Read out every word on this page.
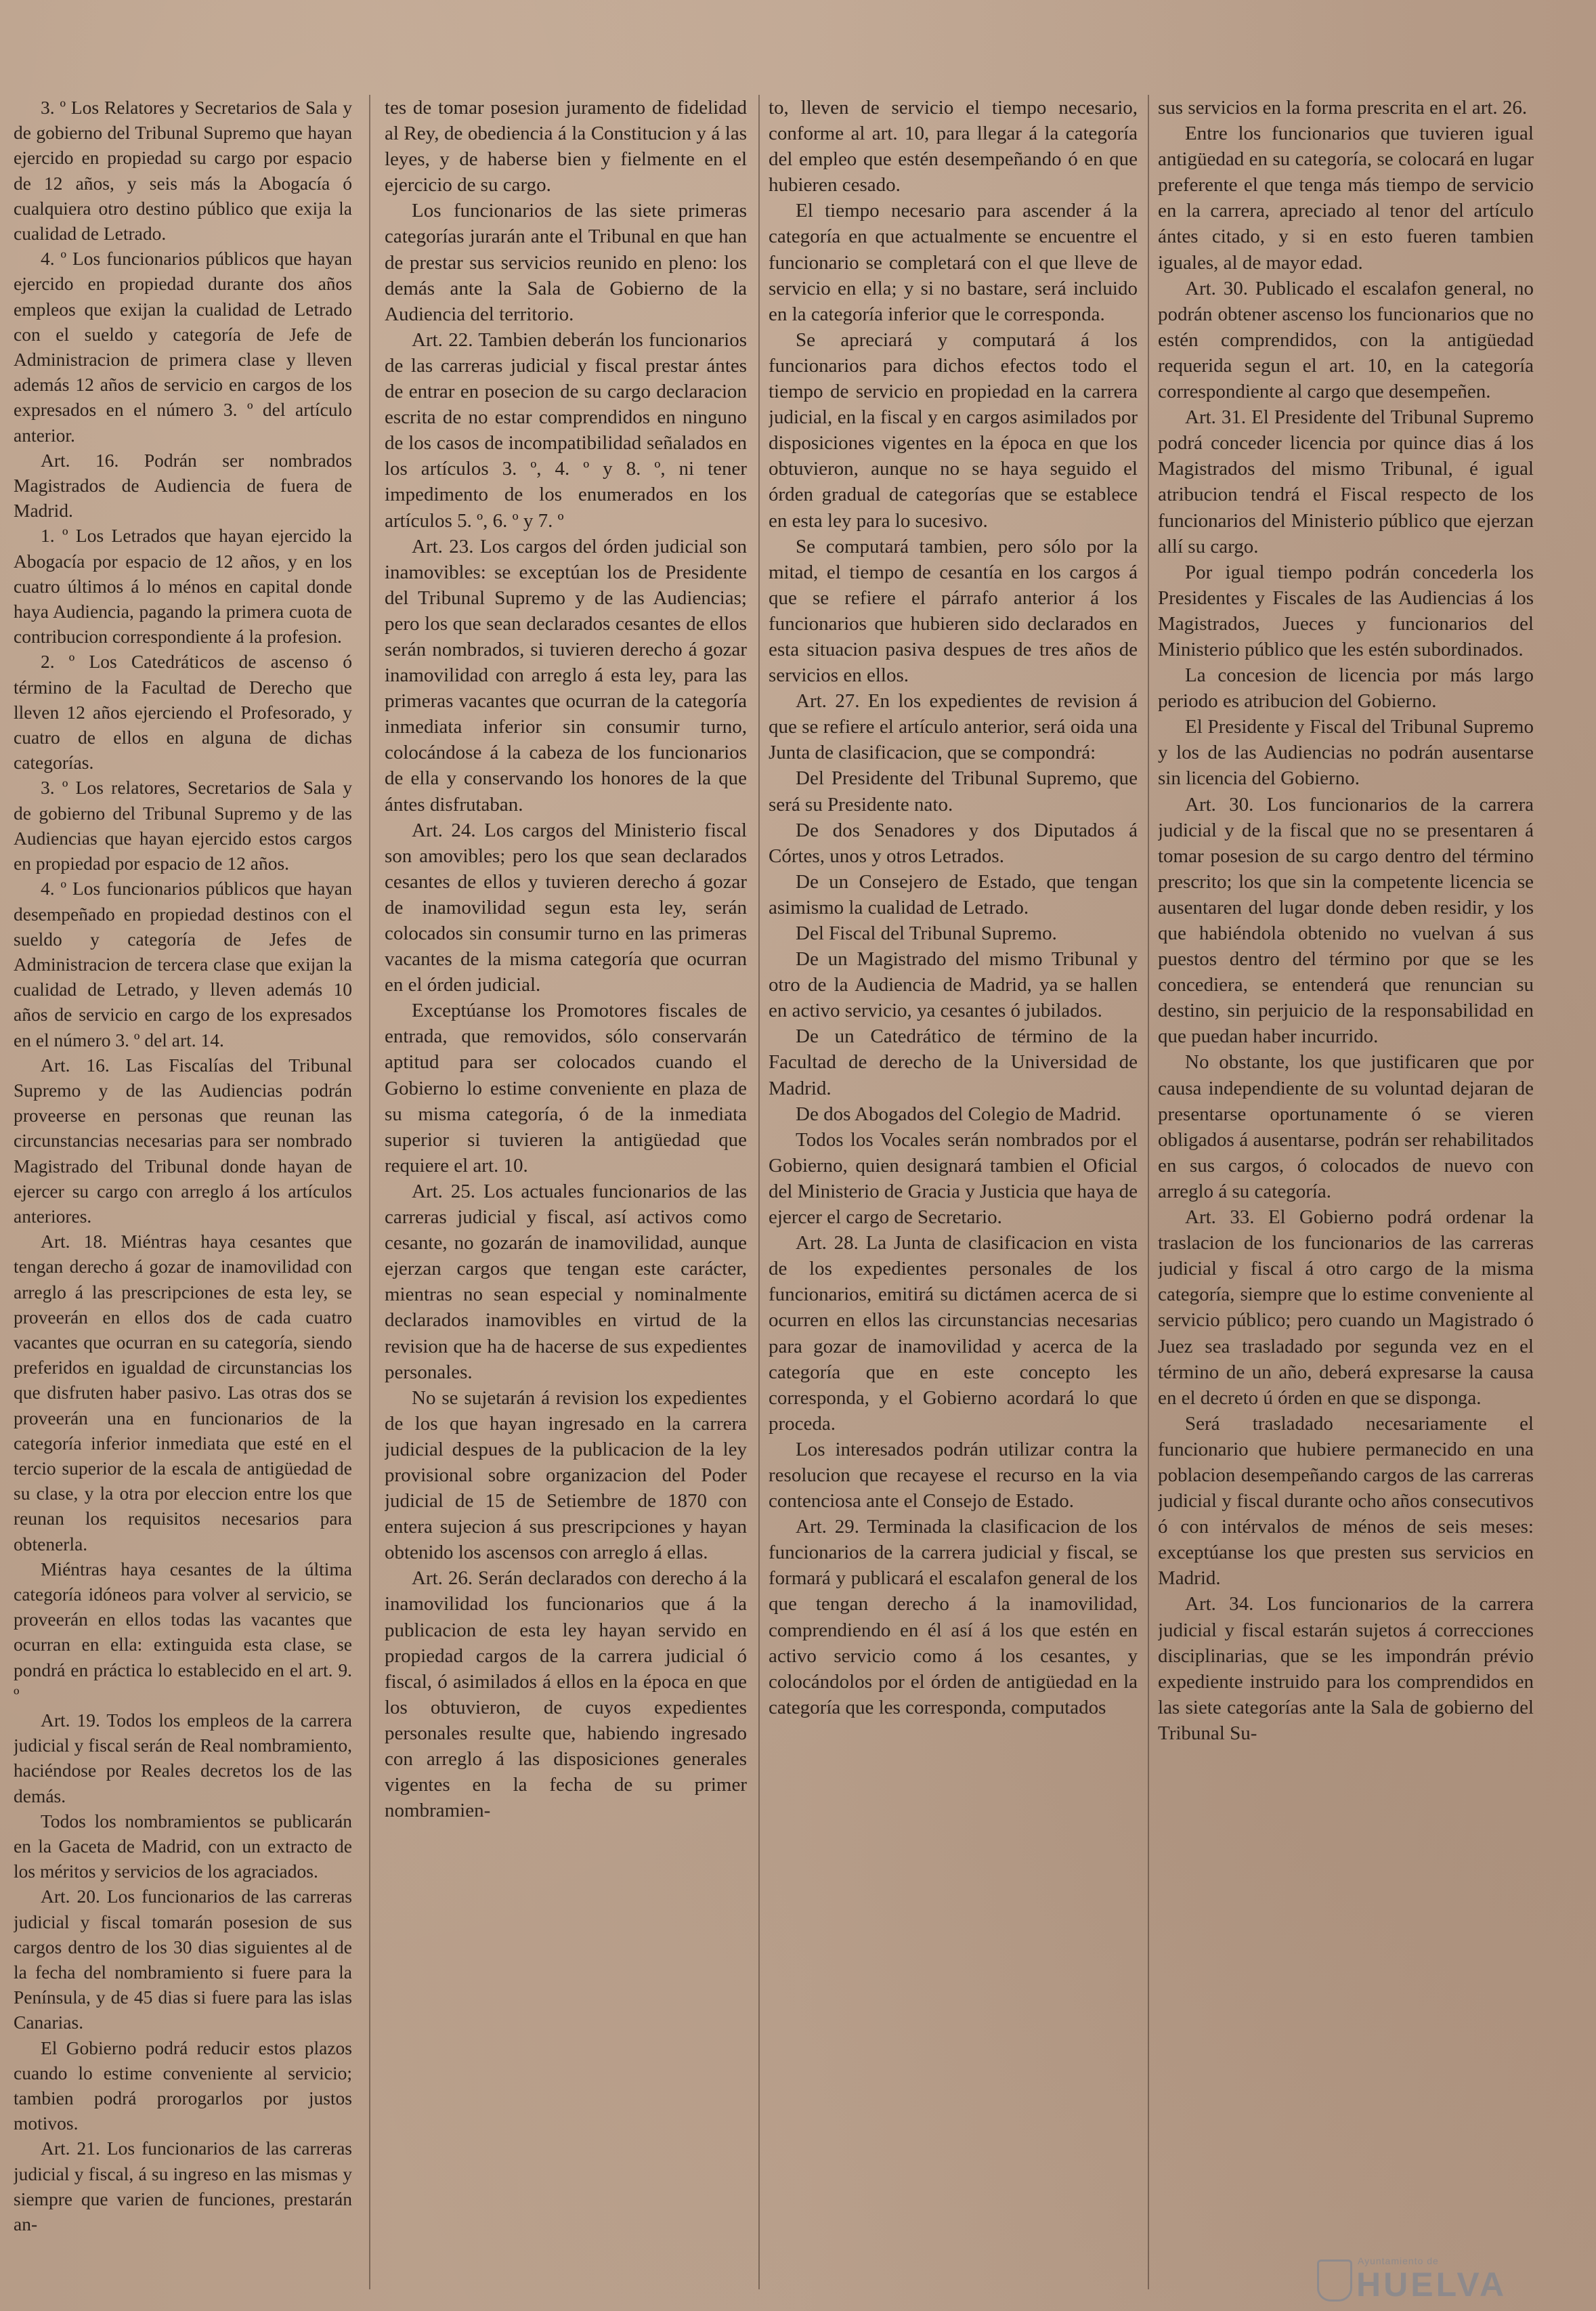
3. º Los Relatores y Secretarios de Sala y de gobierno del Tribunal Supremo que hayan ejercido en propiedad su cargo por espacio de 12 años, y seis más la Abogacía ó cualquiera otro destino público que exija la cualidad de Letrado.

4. º Los funcionarios públicos que hayan ejercido en propiedad durante dos años empleos que exijan la cualidad de Letrado con el sueldo y categoría de Jefe de Administracion de primera clase y lleven además 12 años de servicio en cargos de los expresados en el número 3. º del artículo anterior.

Art. 16. Podrán ser nombrados Magistrados de Audiencia de fuera de Madrid.

1. º Los Letrados que hayan ejercido la Abogacía por espacio de 12 años, y en los cuatro últimos á lo ménos en capital donde haya Audiencia, pagando la primera cuota de contribucion correspondiente á la profesion.

2. º Los Catedráticos de ascenso ó término de la Facultad de Derecho que lleven 12 años ejerciendo el Profesorado, y cuatro de ellos en alguna de dichas categorías.

3. º Los relatores, Secretarios de Sala y de gobierno del Tribunal Supremo y de las Audiencias que hayan ejercido estos cargos en propiedad por espacio de 12 años.

4. º Los funcionarios públicos que hayan desempeñado en propiedad destinos con el sueldo y categoría de Jefes de Administracion de tercera clase que exijan la cualidad de Letrado, y lleven además 10 años de servicio en cargo de los expresados en el número 3. º del art. 14.

Art. 16. Las Fiscalías del Tribunal Supremo y de las Audiencias podrán proveerse en personas que reunan las circunstancias necesarias para ser nombrado Magistrado del Tribunal donde hayan de ejercer su cargo con arreglo á los artículos anteriores.

Art. 18. Miéntras haya cesantes que tengan derecho á gozar de inamovilidad con arreglo á las prescripciones de esta ley, se proveerán en ellos dos de cada cuatro vacantes que ocurran en su categoría, siendo preferidos en igualdad de circunstancias los que disfruten haber pasivo. Las otras dos se proveerán una en funcionarios de la categoría inferior inmediata que esté en el tercio superior de la escala de antigüedad de su clase, y la otra por eleccion entre los que reunan los requisitos necesarios para obtenerla.

Miéntras haya cesantes de la última categoría idóneos para volver al servicio, se proveerán en ellos todas las vacantes que ocurran en ella: extinguida esta clase, se pondrá en práctica lo establecido en el art. 9. º

Art. 19. Todos los empleos de la carrera judicial y fiscal serán de Real nombramiento, haciéndose por Reales decretos los de las demás.

Todos los nombramientos se publicarán en la Gaceta de Madrid, con un extracto de los méritos y servicios de los agraciados.

Art. 20. Los funcionarios de las carreras judicial y fiscal tomarán posesion de sus cargos dentro de los 30 dias siguientes al de la fecha del nombramiento si fuere para la Península, y de 45 dias si fuere para las islas Canarias.

El Gobierno podrá reducir estos plazos cuando lo estime conveniente al servicio; tambien podrá prorogarlos por justos motivos.

Art. 21. Los funcionarios de las carreras judicial y fiscal, á su ingreso en las mismas y siempre que varien de funciones, prestarán an-

tes de tomar posesion juramento de fidelidad al Rey, de obediencia á la Constitucion y á las leyes, y de haberse bien y fielmente en el ejercicio de su cargo.

Los funcionarios de las siete primeras categorías jurarán ante el Tribunal en que han de prestar sus servicios reunido en pleno: los demás ante la Sala de Gobierno de la Audiencia del territorio.

Art. 22. Tambien deberán los funcionarios de las carreras judicial y fiscal prestar ántes de entrar en posecion de su cargo declaracion escrita de no estar comprendidos en ninguno de los casos de incompatibilidad señalados en los artículos 3. º, 4. º y 8. º, ni tener impedimento de los enumerados en los artículos 5. º, 6. º y 7. º

Art. 23. Los cargos del órden judicial son inamovibles: se exceptúan los de Presidente del Tribunal Supremo y de las Audiencias; pero los que sean declarados cesantes de ellos serán nombrados, si tuvieren derecho á gozar inamovilidad con arreglo á esta ley, para las primeras vacantes que ocurran de la categoría inmediata inferior sin consumir turno, colocándose á la cabeza de los funcionarios de ella y conservando los honores de la que ántes disfrutaban.

Art. 24. Los cargos del Ministerio fiscal son amovibles; pero los que sean declarados cesantes de ellos y tuvieren derecho á gozar de inamovilidad segun esta ley, serán colocados sin consumir turno en las primeras vacantes de la misma categoría que ocurran en el órden judicial.

Exceptúanse los Promotores fiscales de entrada, que removidos, sólo conservarán aptitud para ser colocados cuando el Gobierno lo estime conveniente en plaza de su misma categoría, ó de la inmediata superior si tuvieren la antigüedad que requiere el art. 10.

Art. 25. Los actuales funcionarios de las carreras judicial y fiscal, así activos como cesante, no gozarán de inamovilidad, aunque ejerzan cargos que tengan este carácter, mientras no sean especial y nominalmente declarados inamovibles en virtud de la revision que ha de hacerse de sus expedientes personales.

No se sujetarán á revision los expedientes de los que hayan ingresado en la carrera judicial despues de la publicacion de la ley provisional sobre organizacion del Poder judicial de 15 de Setiembre de 1870 con entera sujecion á sus prescripciones y hayan obtenido los ascensos con arreglo á ellas.

Art. 26. Serán declarados con derecho á la inamovilidad los funcionarios que á la publicacion de esta ley hayan servido en propiedad cargos de la carrera judicial ó fiscal, ó asimilados á ellos en la época en que los obtuvieron, de cuyos expedientes personales resulte que, habiendo ingresado con arreglo á las disposiciones generales vigentes en la fecha de su primer nombramien-

to, lleven de servicio el tiempo necesario, conforme al art. 10, para llegar á la categoría del empleo que estén desempeñando ó en que hubieren cesado.

El tiempo necesario para ascender á la categoría en que actualmente se encuentre el funcionario se completará con el que lleve de servicio en ella; y si no bastare, será incluido en la categoría inferior que le corresponda.

Se apreciará y computará á los funcionarios para dichos efectos todo el tiempo de servicio en propiedad en la carrera judicial, en la fiscal y en cargos asimilados por disposiciones vigentes en la época en que los obtuvieron, aunque no se haya seguido el órden gradual de categorías que se establece en esta ley para lo sucesivo.

Se computará tambien, pero sólo por la mitad, el tiempo de cesantía en los cargos á que se refiere el párrafo anterior á los funcionarios que hubieren sido declarados en esta situacion pasiva despues de tres años de servicios en ellos.

Art. 27. En los expedientes de revision á que se refiere el artículo anterior, será oida una Junta de clasificacion, que se compondrá:

Del Presidente del Tribunal Supremo, que será su Presidente nato.

De dos Senadores y dos Diputados á Córtes, unos y otros Letrados.

De un Consejero de Estado, que tengan asimismo la cualidad de Letrado.

Del Fiscal del Tribunal Supremo.

De un Magistrado del mismo Tribunal y otro de la Audiencia de Madrid, ya se hallen en activo servicio, ya cesantes ó jubilados.

De un Catedrático de término de la Facultad de derecho de la Universidad de Madrid.

De dos Abogados del Colegio de Madrid.

Todos los Vocales serán nombrados por el Gobierno, quien designará tambien el Oficial del Ministerio de Gracia y Justicia que haya de ejercer el cargo de Secretario.

Art. 28. La Junta de clasificacion en vista de los expedientes personales de los funcionarios, emitirá su dictámen acerca de si ocurren en ellos las circunstancias necesarias para gozar de inamovilidad y acerca de la categoría que en este concepto les corresponda, y el Gobierno acordará lo que proceda.

Los interesados podrán utilizar contra la resolucion que recayese el recurso en la via contenciosa ante el Consejo de Estado.

Art. 29. Terminada la clasificacion de los funcionarios de la carrera judicial y fiscal, se formará y publicará el escalafon general de los que tengan derecho á la inamovilidad, comprendiendo en él así á los que estén en activo servicio como á los cesantes, y colocándolos por el órden de antigüedad en la categoría que les corresponda, computados

sus servicios en la forma prescrita en el art. 26.

Entre los funcionarios que tuvieren igual antigüedad en su categoría, se colocará en lugar preferente el que tenga más tiempo de servicio en la carrera, apreciado al tenor del artículo ántes citado, y si en esto fueren tambien iguales, al de mayor edad.

Art. 30. Publicado el escalafon general, no podrán obtener ascenso los funcionarios que no estén comprendidos, con la antigüedad requerida segun el art. 10, en la categoría correspondiente al cargo que desempeñen.

Art. 31. El Presidente del Tribunal Supremo podrá conceder licencia por quince dias á los Magistrados del mismo Tribunal, é igual atribucion tendrá el Fiscal respecto de los funcionarios del Ministerio público que ejerzan allí su cargo.

Por igual tiempo podrán concederla los Presidentes y Fiscales de las Audiencias á los Magistrados, Jueces y funcionarios del Ministerio público que les estén subordinados.

La concesion de licencia por más largo periodo es atribucion del Gobierno.

El Presidente y Fiscal del Tribunal Supremo y los de las Audiencias no podrán ausentarse sin licencia del Gobierno.

Art. 30. Los funcionarios de la carrera judicial y de la fiscal que no se presentaren á tomar posesion de su cargo dentro del término prescrito; los que sin la competente licencia se ausentaren del lugar donde deben residir, y los que habiéndola obtenido no vuelvan á sus puestos dentro del término por que se les concediera, se entenderá que renuncian su destino, sin perjuicio de la responsabilidad en que puedan haber incurrido.

No obstante, los que justificaren que por causa independiente de su voluntad dejaran de presentarse oportunamente ó se vieren obligados á ausentarse, podrán ser rehabilitados en sus cargos, ó colocados de nuevo con arreglo á su categoría.

Art. 33. El Gobierno podrá ordenar la traslacion de los funcionarios de las carreras judicial y fiscal á otro cargo de la misma categoría, siempre que lo estime conveniente al servicio público; pero cuando un Magistrado ó Juez sea trasladado por segunda vez en el término de un año, deberá expresarse la causa en el decreto ú órden en que se disponga.

Será trasladado necesariamente el funcionario que hubiere permanecido en una poblacion desempeñando cargos de las carreras judicial y fiscal durante ocho años consecutivos ó con intérvalos de ménos de seis meses: exceptúanse los que presten sus servicios en Madrid.

Art. 34. Los funcionarios de la carrera judicial y fiscal estarán sujetos á correcciones disciplinarias, que se les impondrán prévio expediente instruido para los comprendidos en las siete categorías ante la Sala de gobierno del Tribunal Su-

Ayuntamiento de
HUELVA
